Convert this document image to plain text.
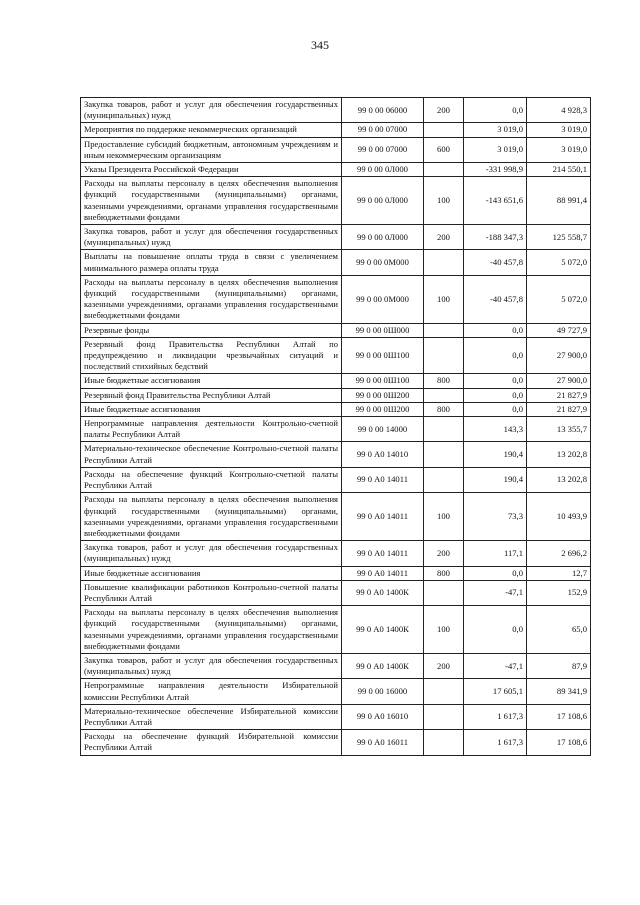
345
Закупка товаров, работ и услуг для обеспечения государственных (муниципальных) нужд	99 0 00 06000	200	0,0	4 928,3
Мероприятия по поддержке некоммерческих организаций	99 0 00 07000		3 019,0	3 019,0
Предоставление субсидий бюджетным, автономным учреждениям и иным некоммерческим организациям	99 0 00 07000	600	3 019,0	3 019,0
Указы Президента Российской Федерации	99 0 00 0Л000		-331 998,9	214 550,1
Расходы на выплаты персоналу в целях обеспечения выполнения функций государственными (муниципальными) органами, казенными учреждениями, органами управления государственными внебюджетными фондами	99 0 00 0Л000	100	-143 651,6	88 991,4
Закупка товаров, работ и услуг для обеспечения государственных (муниципальных) нужд	99 0 00 0Л000	200	-188 347,3	125 558,7
Выплаты на повышение оплаты труда в связи с увеличением минимального размера оплаты труда	99 0 00 0М000		-40 457,8	5 072,0
Расходы на выплаты персоналу в целях обеспечения выполнения функций государственными (муниципальными) органами, казенными учреждениями, органами управления государственными внебюджетными фондами	99 0 00 0М000	100	-40 457,8	5 072,0
Резервные фонды	99 0 00 0Ш000		0,0	49 727,9
Резервный фонд Правительства Республики Алтай по предупреждению и ликвидации чрезвычайных ситуаций и последствий стихийных бедствий	99 0 00 0Ш100		0,0	27 900,0
Иные бюджетные ассигнования	99 0 00 0Ш100	800	0,0	27 900,0
Резервный фонд Правительства Республики Алтай	99 0 00 0Ш200		0,0	21 827,9
Иные бюджетные ассигнования	99 0 00 0Ш200	800	0,0	21 827,9
Непрограммные направления деятельности Контрольно-счетной палаты Республики Алтай	99 0 00 14000		143,3	13 355,7
Материально-техническое обеспечение Контрольно-счетной палаты Республики Алтай	99 0 А0 14010		190,4	13 202,8
Расходы на обеспечение функций Контрольно-счетной палаты Республики Алтай	99 0 А0 14011		190,4	13 202,8
Расходы на выплаты персоналу в целях обеспечения выполнения функций государственными (муниципальными) органами, казенными учреждениями, органами управления государственными внебюджетными фондами	99 0 А0 14011	100	73,3	10 493,9
Закупка товаров, работ и услуг для обеспечения государственных (муниципальных) нужд	99 0 А0 14011	200	117,1	2 696,2
Иные бюджетные ассигнования	99 0 А0 14011	800	0,0	12,7
Повышение квалификации работников Контрольно-счетной палаты Республики Алтай	99 0 А0 1400К		-47,1	152,9
Расходы на выплаты персоналу в целях обеспечения выполнения функций государственными (муниципальными) органами, казенными учреждениями, органами управления государственными внебюджетными фондами	99 0 А0 1400К	100	0,0	65,0
Закупка товаров, работ и услуг для обеспечения государственных (муниципальных) нужд	99 0 А0 1400К	200	-47,1	87,9
Непрограммные направления деятельности Избирательной комиссии Республики Алтай	99 0 00 16000		17 605,1	89 341,9
Материально-техническое обеспечение Избирательной комиссии Республики Алтай	99 0 А0 16010		1 617,3	17 108,6
Расходы на обеспечение функций Избирательной комиссии Республики Алтай	99 0 А0 16011		1 617,3	17 108,6
